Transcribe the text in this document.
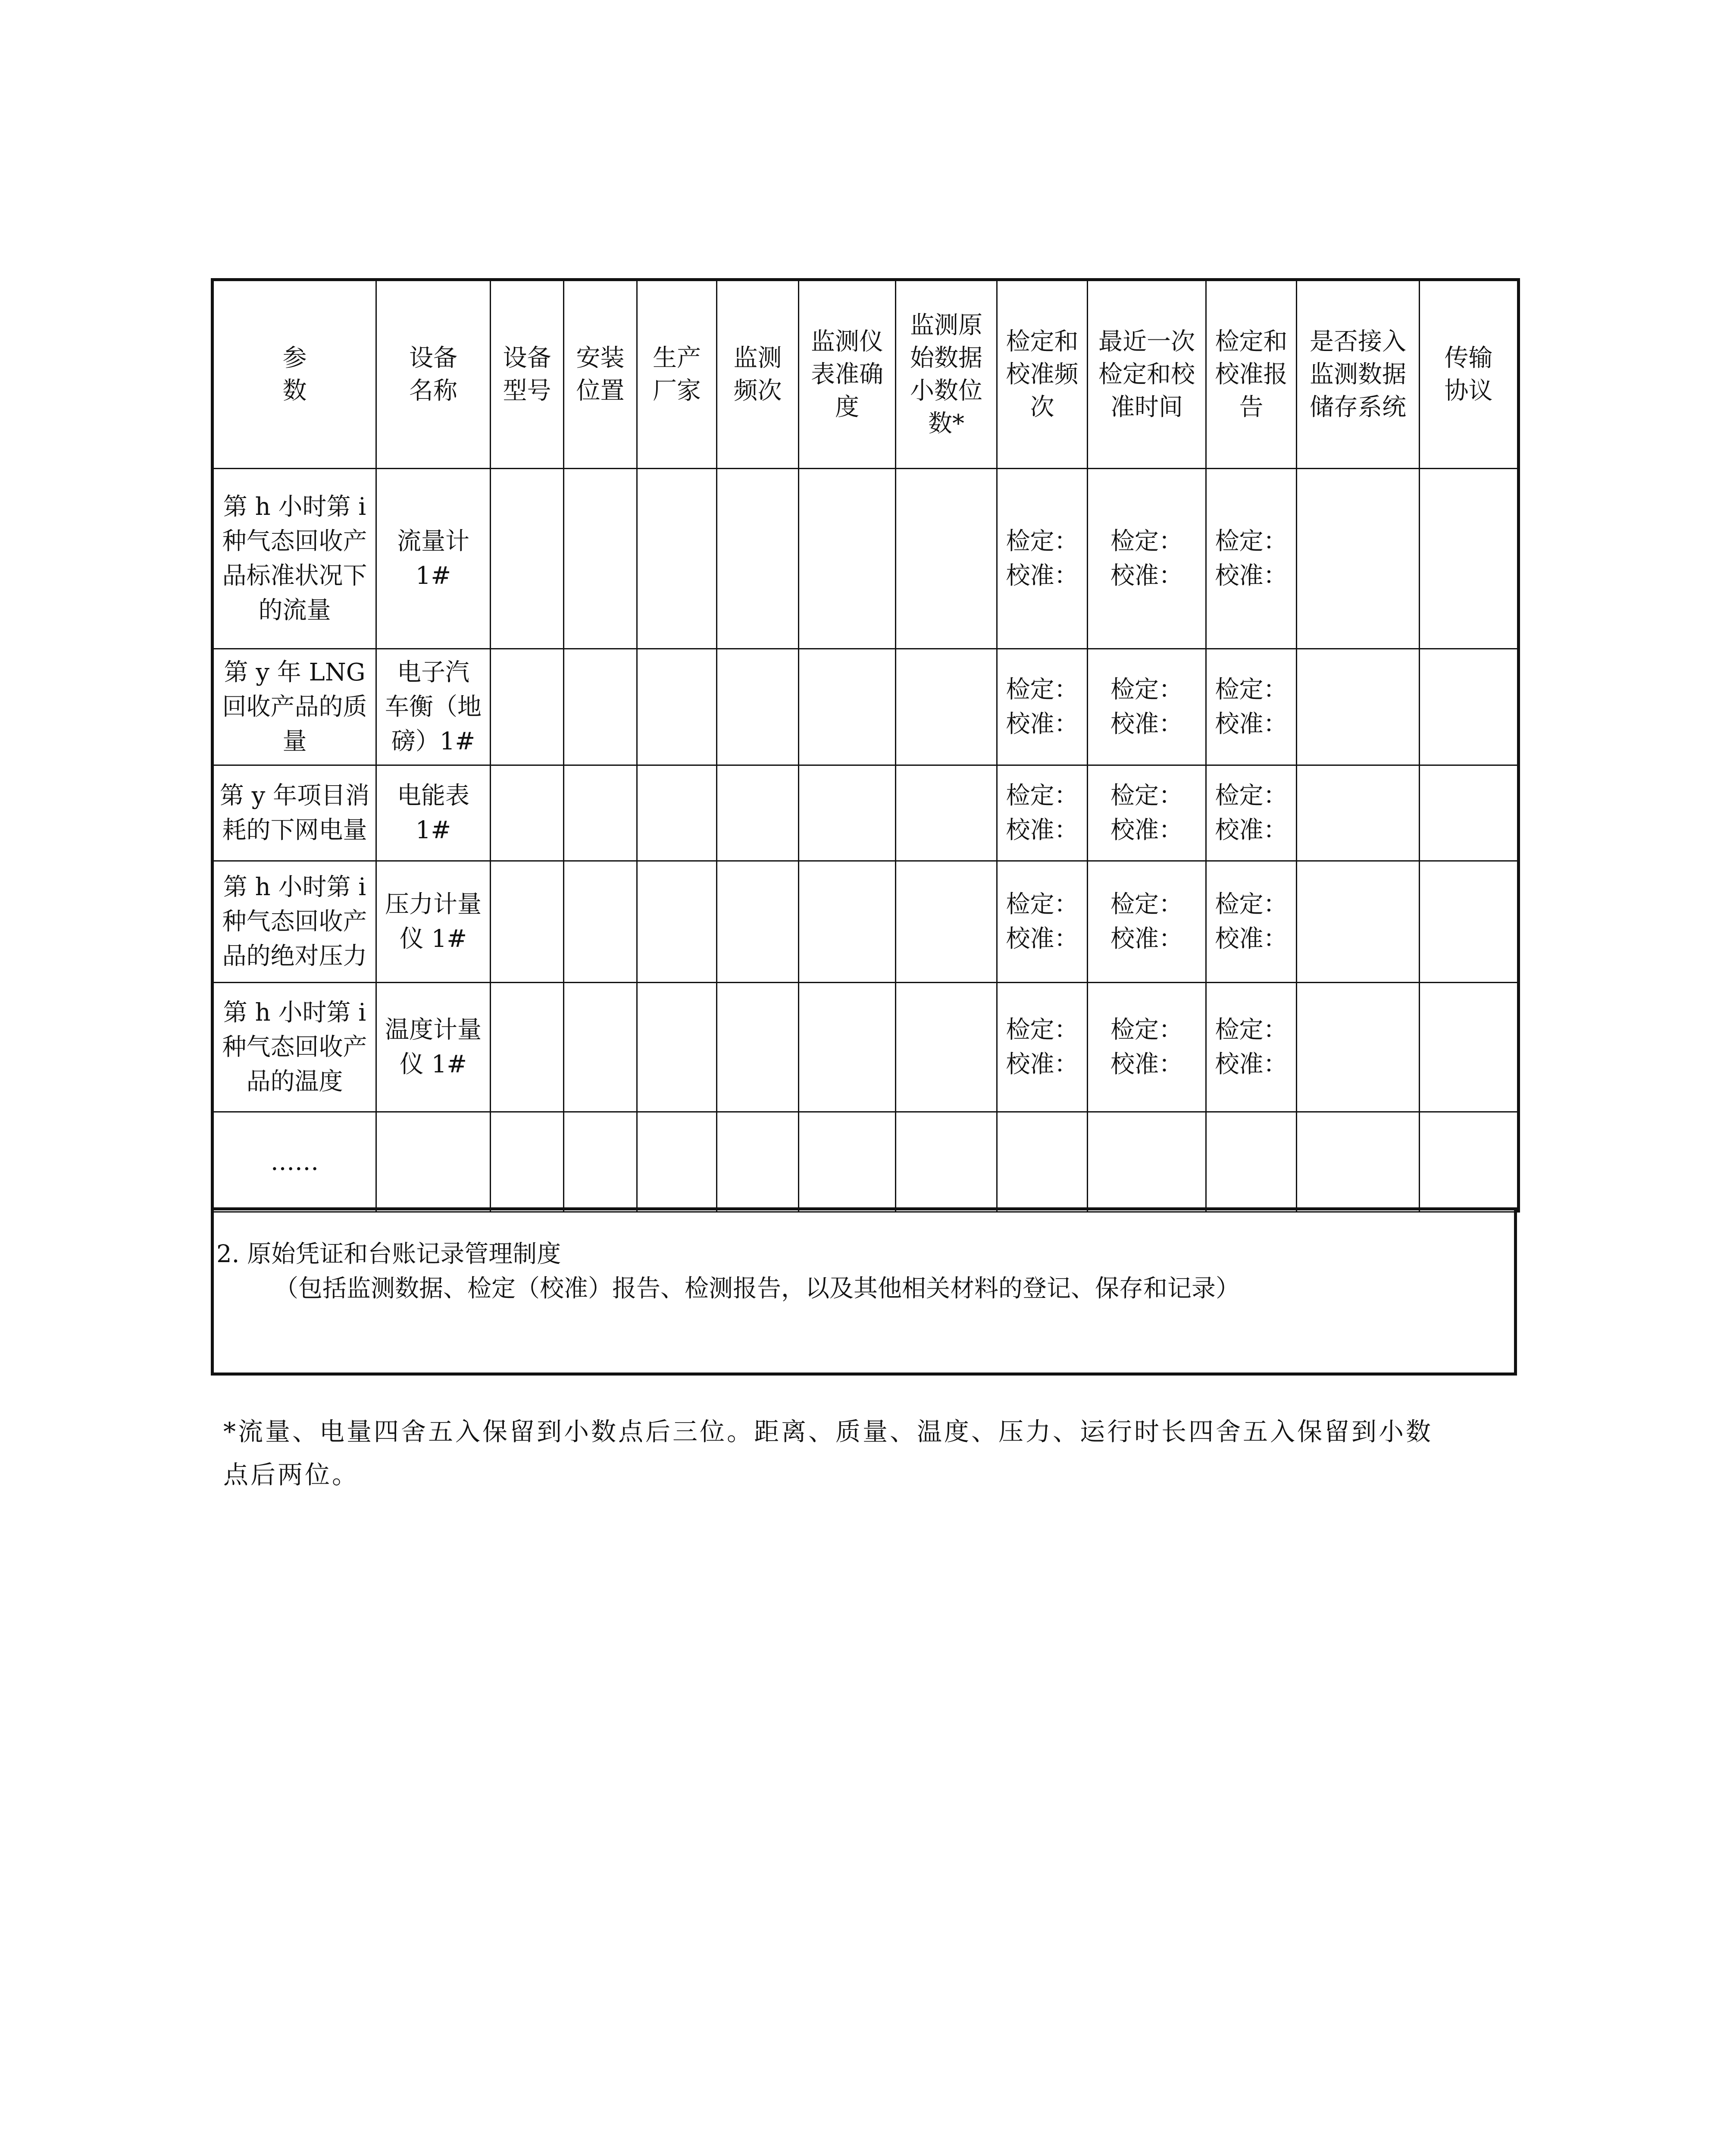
参
数	设备
名称	设备
型号	安装
位置	生产
厂家	监测
频次	监测仪
表准确
度	监测原
始数据
小数位
数*	检定和
校准频
次	最近一次
检定和校
准时间	检定和
校准报
告	是否接入
监测数据
储存系统	传输
协议
第 h 小时第 i
种气态回收产
品标准状况下
的流量	流量计
1#							检定：
校准：	检定：
校准：	检定：
校准：		

第 y 年 LNG
回收产品的质
量	电子汽
车衡（地
磅）1#							检定：
校准：	检定：
校准：	检定：
校准：		

第 y 年项目消
耗的下网电量	电能表 1#							检定：
校准：	检定：
校准：	检定：
校准：		

第 h 小时第 i
种气态回收产
品的绝对压力	压力计量
仪 1#							检定：
校准：	检定：
校准：	检定：
校准：		

第 h 小时第 i
种气态回收产
品的温度	温度计量
仪 1#							检定：
校准：	检定：
校准：	检定：
校准：		

……												
2. 原始凭证和台账记录管理制度
（包括监测数据、检定（校准）报告、检测报告，以及其他相关材料的登记、保存和记录）
*流量、电量四舍五入保留到小数点后三位。距离、质量、温度、压力、运行时长四舍五入保留到小数
点后两位。
